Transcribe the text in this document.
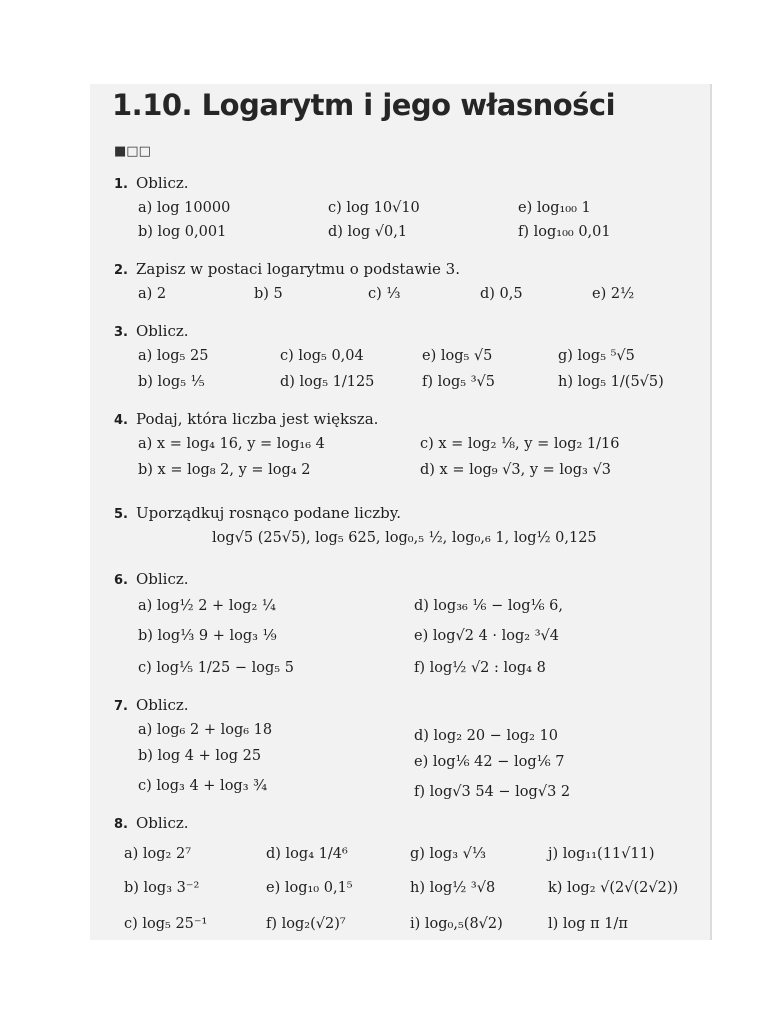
1.10. Logarytm i jego własności
■□□
1. Oblicz.
a) log 10000	c) log 10√10	e) log₁₀₀ 1
b) log 0,001	d) log √0,1	f) log₁₀₀ 0,01
2. Zapisz w postaci logarytmu o podstawie 3.
a) 2	b) 5	c) ⅓	d) 0,5	e) 2½
3. Oblicz.
a) log₅ 25	c) log₅ 0,04	e) log₅ √5	g) log₅ ⁵√5
b) log₅ ⅕	d) log₅ 1/125	f) log₅ ³√5	h) log₅ 1/(5√5)
4. Podaj, która liczba jest większa.
a) x = log₄ 16, y = log₁₆ 4	c) x = log₂ ⅛, y = log₂ 1/16
b) x = log₈ 2, y = log₄ 2	d) x = log₉ √3, y = log₃ √3
5. Uporządkuj rosnąco podane liczby.
log√5 (25√5), log₅ 625, log₀,₅ ½, log₀,₆ 1, log½ 0,125
6. Oblicz.
a) log½ 2 + log₂ ¼	d) log₃₆ ⅙ − log⅙ 6,
b) log⅓ 9 + log₃ ⅑	e) log√2 4 · log₂ ³√4
c) log⅕ 1/25 − log₅ 5	f) log½ √2 : log₄ 8
7. Oblicz.
a) log₆ 2 + log₆ 18	d) log₂ 20 − log₂ 10
b) log 4 + log 25	e) log⅙ 42 − log⅙ 7
c) log₃ 4 + log₃ ¾	f) log√3 54 − log√3 2
8. Oblicz.
a) log₂ 2⁷	d) log₄ 1/4⁶	g) log₃ √⅓	j) log₁₁(11√11)
b) log₃ 3⁻²	e) log₁₀ 0,1⁵	h) log½ ³√8	k) log₂ √(2√(2√2))
c) log₅ 25⁻¹	f) log₂(√2)⁷	i) log₀,₅(8√2)	l) log π 1/π
